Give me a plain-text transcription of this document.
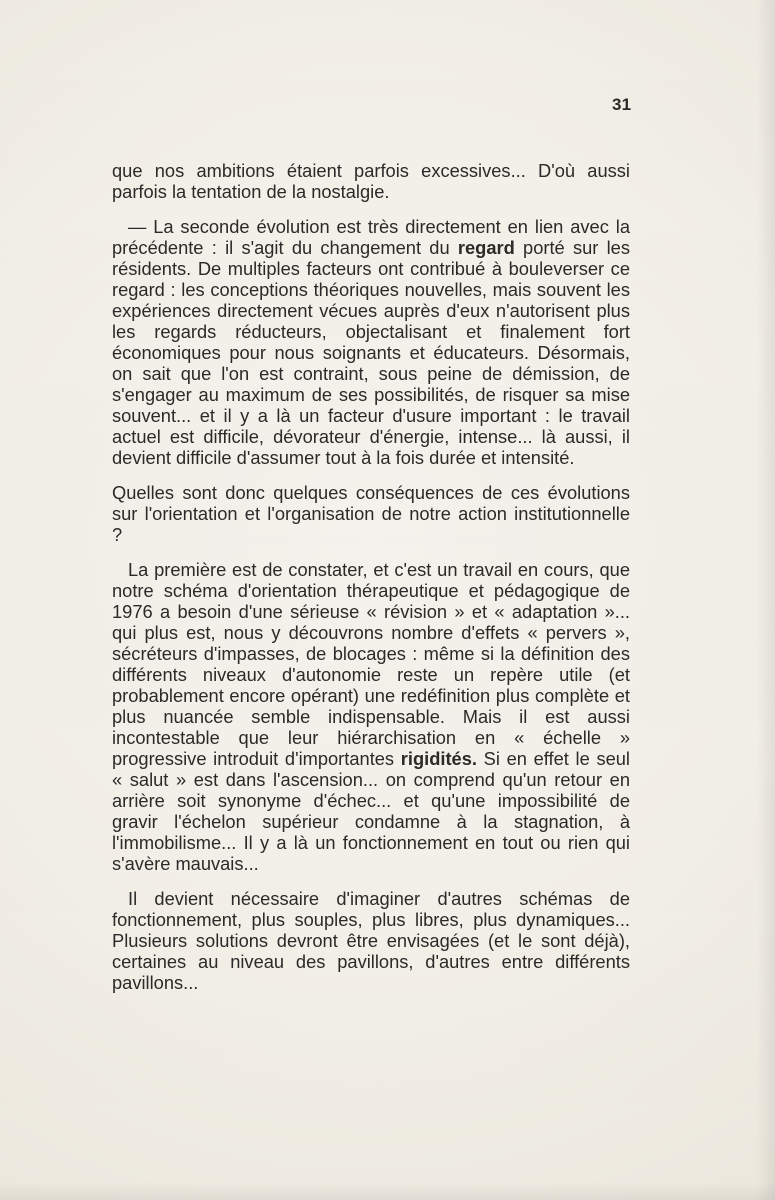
31

que nos ambitions étaient parfois excessives... D'où aussi parfois la tentation de la nostalgie.

— La seconde évolution est très directement en lien avec la précédente : il s'agit du changement du regard porté sur les résidents. De multiples facteurs ont contribué à bouleverser ce regard : les conceptions théoriques nouvelles, mais souvent les expériences directement vécues auprès d'eux n'autorisent plus les regards réducteurs, objectalisant et finalement fort économiques pour nous soignants et éducateurs. Désormais, on sait que l'on est contraint, sous peine de démission, de s'engager au maximum de ses possibilités, de risquer sa mise souvent... et il y a là un facteur d'usure important : le travail actuel est difficile, dévorateur d'énergie, intense... là aussi, il devient difficile d'assumer tout à la fois durée et intensité.

Quelles sont donc quelques conséquences de ces évolutions sur l'orientation et l'organisation de notre action institutionnelle ?

La première est de constater, et c'est un travail en cours, que notre schéma d'orientation thérapeutique et pédagogique de 1976 a besoin d'une sérieuse « révision » et « adaptation »... qui plus est, nous y découvrons nombre d'effets « pervers », sécréteurs d'impasses, de blocages : même si la définition des différents niveaux d'autonomie reste un repère utile (et probablement encore opérant) une redéfinition plus complète et plus nuancée semble indispensable. Mais il est aussi incontestable que leur hiérarchisation en « échelle » progressive introduit d'importantes rigidités. Si en effet le seul « salut » est dans l'ascension... on comprend qu'un retour en arrière soit synonyme d'échec... et qu'une impossibilité de gravir l'échelon supérieur condamne à la stagnation, à l'immobilisme... Il y a là un fonctionnement en tout ou rien qui s'avère mauvais...

Il devient nécessaire d'imaginer d'autres schémas de fonctionnement, plus souples, plus libres, plus dynamiques... Plusieurs solutions devront être envisagées (et le sont déjà), certaines au niveau des pavillons, d'autres entre différents pavillons...
